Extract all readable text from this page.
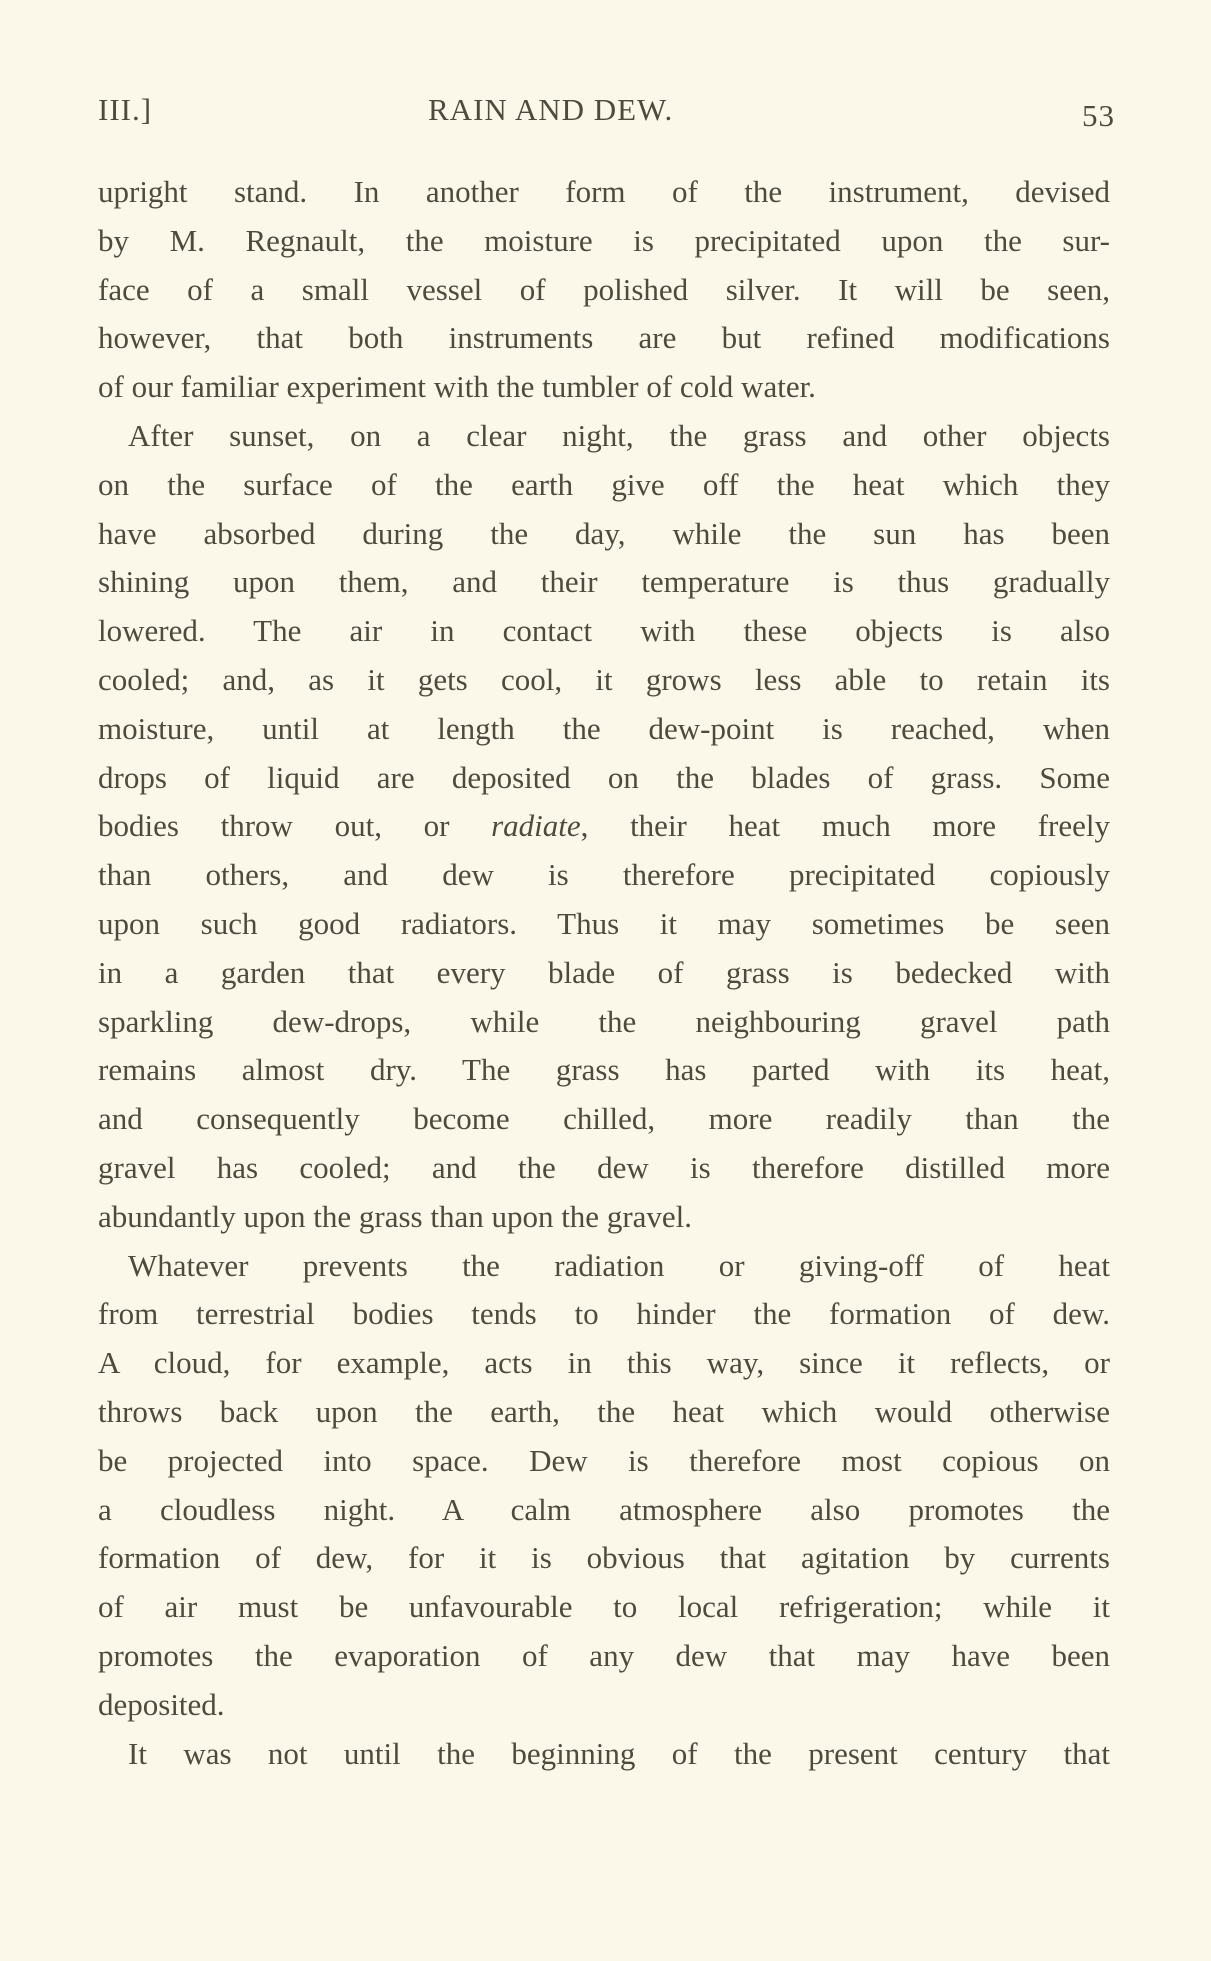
III.]	RAIN AND DEW.	53
upright stand. In another form of the instrument, devised
by M. Regnault, the moisture is precipitated upon the sur-
face of a small vessel of polished silver. It will be seen,
however, that both instruments are but refined modifications
of our familiar experiment with the tumbler of cold water.
After sunset, on a clear night, the grass and other objects
on the surface of the earth give off the heat which they
have absorbed during the day, while the sun has been
shining upon them, and their temperature is thus gradually
lowered. The air in contact with these objects is also
cooled; and, as it gets cool, it grows less able to retain its
moisture, until at length the dew-point is reached, when
drops of liquid are deposited on the blades of grass. Some
bodies throw out, or radiate, their heat much more freely
than others, and dew is therefore precipitated copiously
upon such good radiators. Thus it may sometimes be seen
in a garden that every blade of grass is bedecked with
sparkling dew-drops, while the neighbouring gravel path
remains almost dry. The grass has parted with its heat,
and consequently become chilled, more readily than the
gravel has cooled; and the dew is therefore distilled more
abundantly upon the grass than upon the gravel.
Whatever prevents the radiation or giving-off of heat
from terrestrial bodies tends to hinder the formation of dew.
A cloud, for example, acts in this way, since it reflects, or
throws back upon the earth, the heat which would otherwise
be projected into space. Dew is therefore most copious on
a cloudless night. A calm atmosphere also promotes the
formation of dew, for it is obvious that agitation by currents
of air must be unfavourable to local refrigeration; while it
promotes the evaporation of any dew that may have been
deposited.
It was not until the beginning of the present century that
